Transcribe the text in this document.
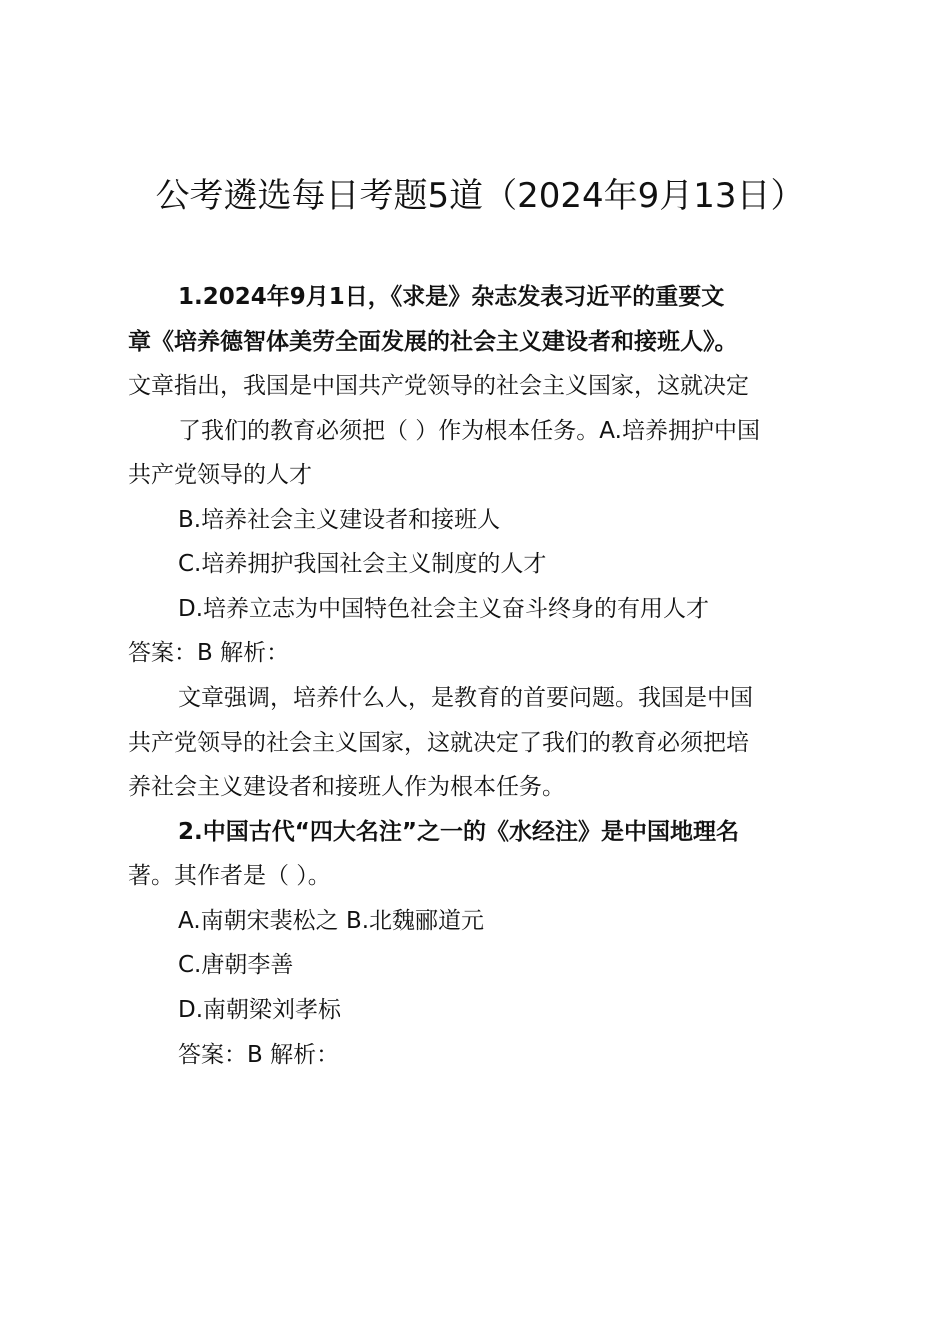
公考遴选每日考题5道（2024年9月13日）
1.2024年9月1日，《求是》杂志发表习近平的重要文
章《培养德智体美劳全面发展的社会主义建设者和接班人》。
文章指出，我国是中国共产党领导的社会主义国家，这就决定
了我们的教育必须把（ ）作为根本任务。A.培养拥护中国
共产党领导的人才
B.培养社会主义建设者和接班人
C.培养拥护我国社会主义制度的人才
D.培养立志为中国特色社会主义奋斗终身的有用人才
答案：B 解析：
文章强调，培养什么人，是教育的首要问题。我国是中国
共产党领导的社会主义国家，这就决定了我们的教育必须把培
养社会主义建设者和接班人作为根本任务。
2.中国古代“四大名注”之一的《水经注》是中国地理名
著。其作者是（ ）。
A.南朝宋裴松之 B.北魏郦道元
C.唐朝李善
D.南朝梁刘孝标
答案：B 解析：
